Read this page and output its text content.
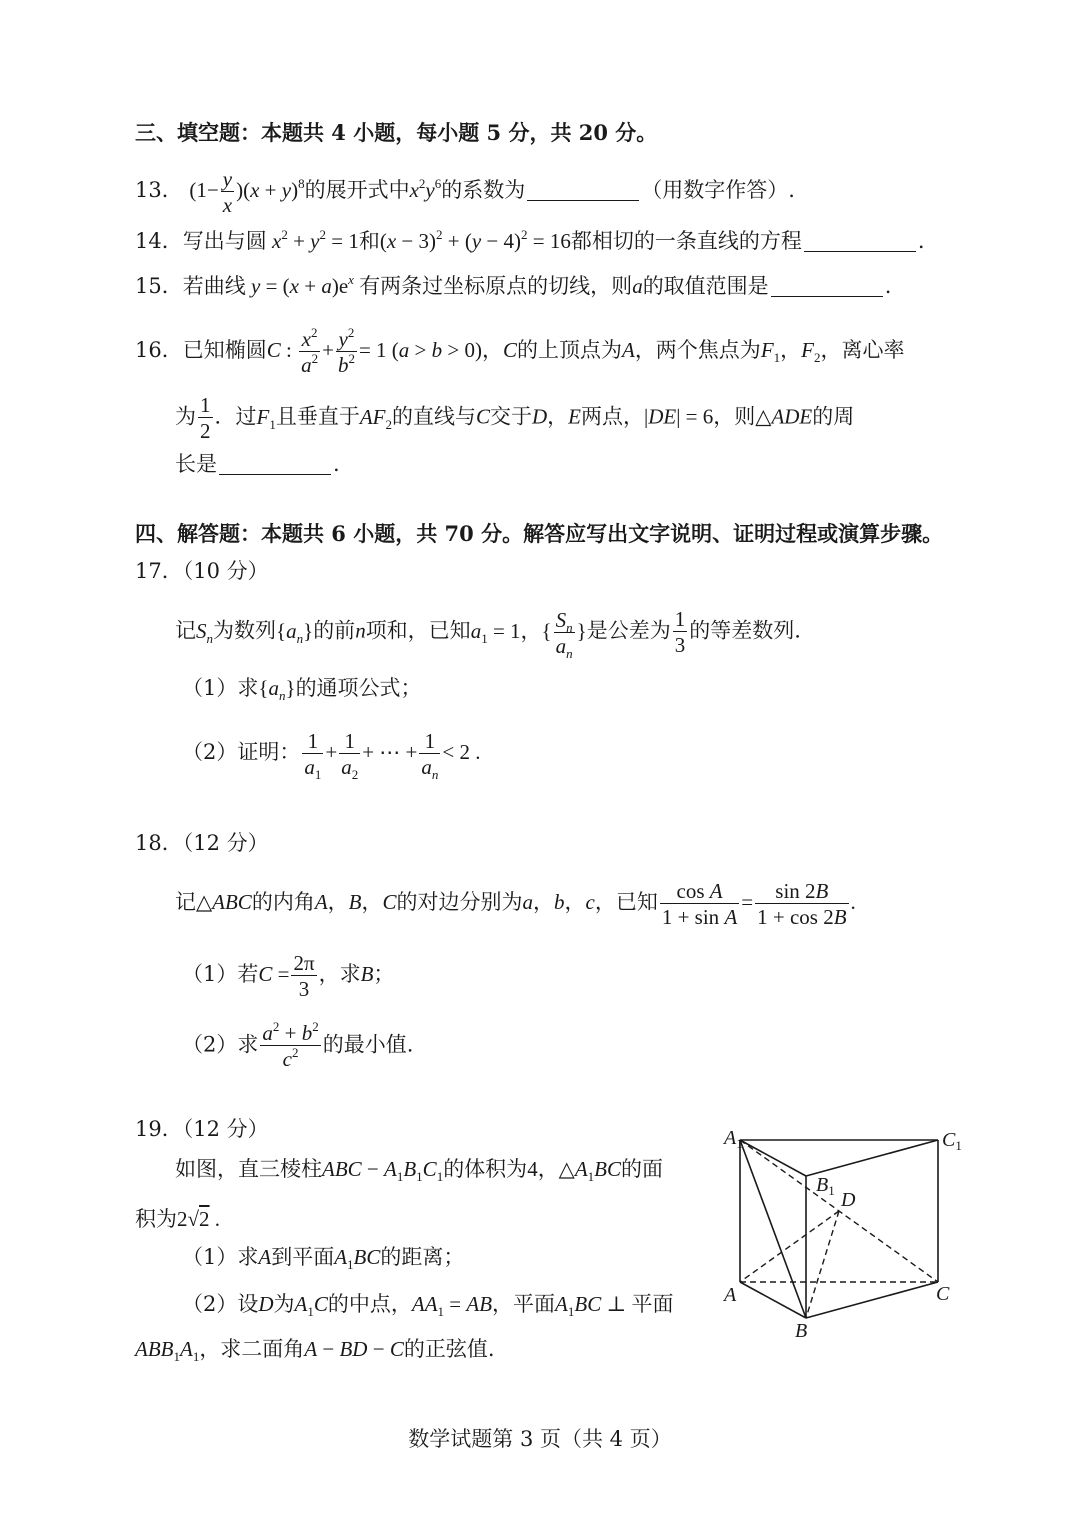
三、填空题：本题共 4 小题，每小题 5 分，共 20 分。
13． $(1- \frac{y}{x} )(x + y)^8$的展开式中$x^2y^6$的系数为	（用数字作答）.
14．写出与圆 $x^2 + y^2 = 1$和$(x - 3)^2 + (y - 4)^2 = 16$都相切的一条直线的方程	.
15．若曲线 $y = (x + a)e^x$ 有两条过坐标原点的切线，则a的取值范围是	.
16．已知椭圆C : $\frac{x^2}{a^2} + \frac{y^2}{b^2} = 1$ (a > b > 0)，C的上顶点为A，两个焦点为$F_1$，$F_2$，离心率
为 $\frac{1}{2}$ ．过$F_1$且垂直于$AF_2$的直线与C交于D，E两点，|DE| = 6，则△ADE的周
长是	.
四、解答题：本题共 6 小题，共 70 分。解答应写出文字说明、证明过程或演算步骤。
17．（10 分）
记$S_n$为数列$\{a_n\}$的前n项和，已知$a_1 = 1$，{ $\frac{S_n}{a_n}$ }是公差为 $\frac{1}{3}$ 的等差数列.
（1）求$\{a_n\}$的通项公式；
（2）证明： $\frac{1}{a_1} + \frac{1}{a_2}$ + ⋯ + $\frac{1}{a_n} < 2$ .
18．（12 分）
记△ABC的内角A，B，C的对边分别为a，b，c，已知 $\frac{\text{cos A}}{\text{1 + sin A}} = \frac{\sin 2B}{1 + \cos 2B}$ .
（1）若$C = \frac{2\pi}{3}$ ，求B；
（2）求 $\frac{a^2 + b^2}{c^2}$ 的最小值.
19．（12 分）
如图，直三棱柱ABC − $A_1B_1C_1$的体积为4，$\triangle A_1BC$的面
积为2√2 .
（1）求A到平面$A_1BC$的距离；
（2）设D为$A_1C$的中点，$AA_1$ = AB，平面$A_1BC$ ⊥ 平面
$ABB_1A_1$，求二面角A − BD − C的正弦值.
$A_1$	$C_1$
$B_1$ D
A	C
B
数学试题第 3 页（共 4 页）
